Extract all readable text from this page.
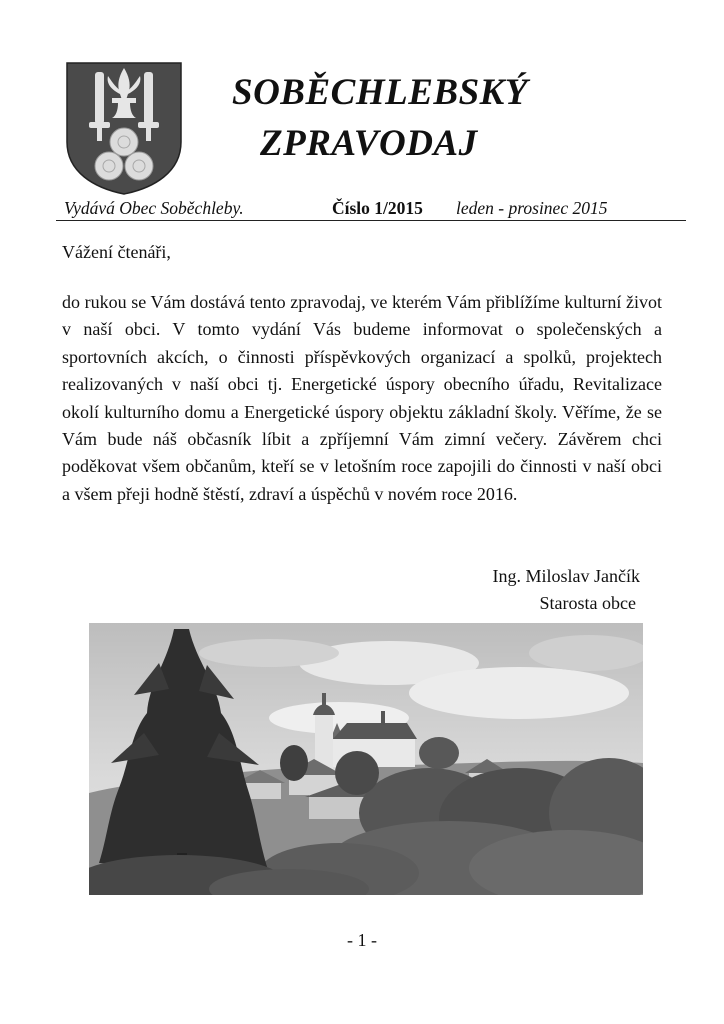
SOBĚCHLEBSKÝ
ZPRAVODAJ
Vydává Obec Soběchleby.	Číslo 1/2015 leden - prosinec 2015
Vážení čtenáři,

do rukou se Vám dostává tento zpravodaj, ve kterém Vám přiblížíme kulturní život v naší obci. V tomto vydání Vás budeme informovat o společenských a sportovních akcích, o činnosti příspěvkových organizací a spolků, projektech realizovaných v naší obci tj. Energetické úspory obecního úřadu, Revitalizace okolí kulturního domu a Energetické úspory objektu základní školy. Věříme, že se Vám bude náš občasník líbit a zpříjemní Vám zimní večery. Závěrem chci poděkovat všem občanům, kteří se v letošním roce zapojili do činnosti v naší obci a všem přeji hodně štěstí, zdraví a úspěchů v novém roce 2016.

Ing. Miloslav Jančík
Starosta obce
- 1 -
